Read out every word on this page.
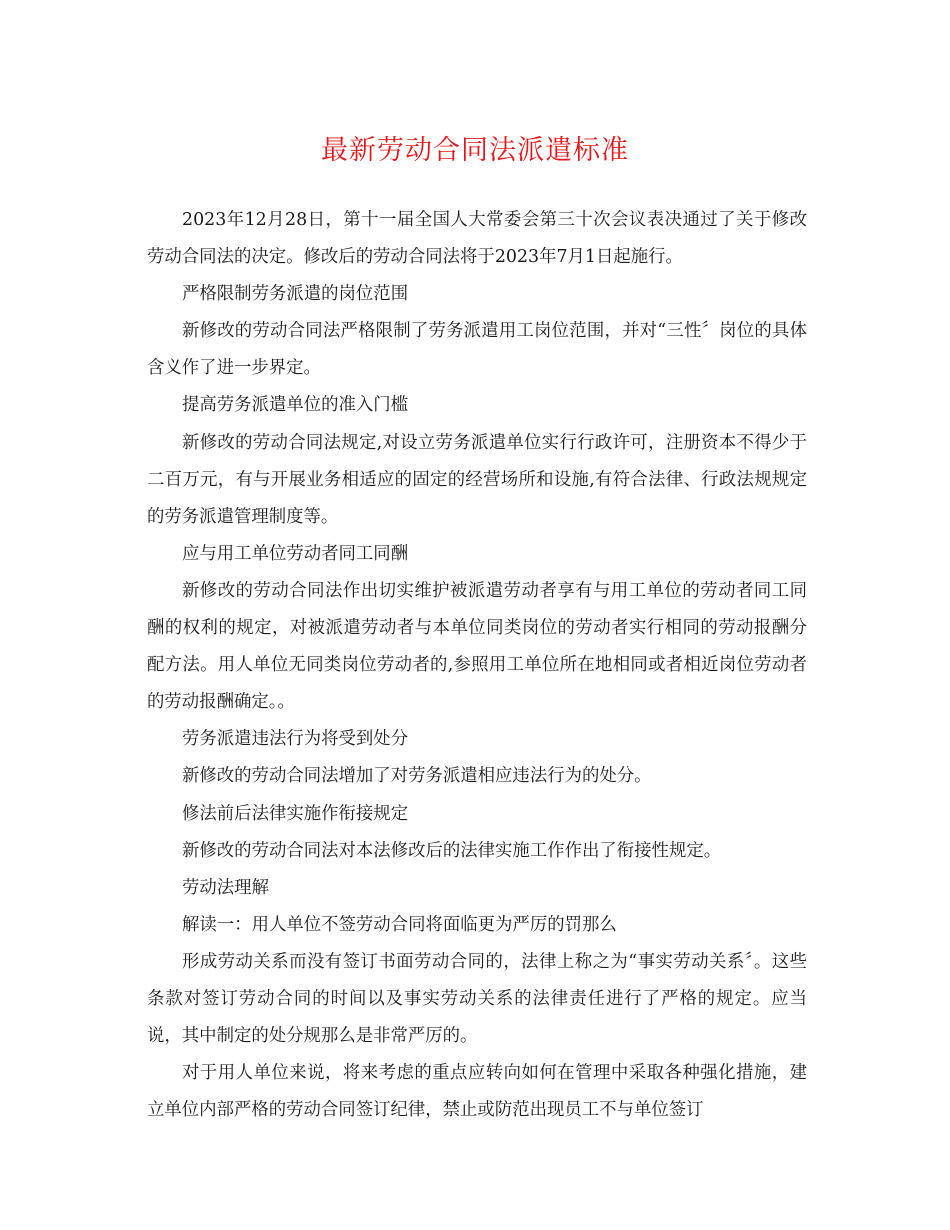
最新劳动合同法派遣标准

2023年12月28日，第十一届全国人大常委会第三十次会议表决通过了关于修改劳动合同法的决定。修改后的劳动合同法将于2023年7月1日起施行。

严格限制劳务派遣的岗位范围

新修改的劳动合同法严格限制了劳务派遣用工岗位范围，并对“三性〞岗位的具体含义作了进一步界定。

提高劳务派遣单位的准入门槛

新修改的劳动合同法规定,对设立劳务派遣单位实行行政许可，注册资本不得少于二百万元，有与开展业务相适应的固定的经营场所和设施,有符合法律、行政法规规定的劳务派遣管理制度等。

应与用工单位劳动者同工同酬

新修改的劳动合同法作出切实维护被派遣劳动者享有与用工单位的劳动者同工同酬的权利的规定，对被派遣劳动者与本单位同类岗位的劳动者实行相同的劳动报酬分配方法。用人单位无同类岗位劳动者的,参照用工单位所在地相同或者相近岗位劳动者的劳动报酬确定。。

劳务派遣违法行为将受到处分

新修改的劳动合同法增加了对劳务派遣相应违法行为的处分。

修法前后法律实施作衔接规定

新修改的劳动合同法对本法修改后的法律实施工作作出了衔接性规定。

劳动法理解

解读一：用人单位不签劳动合同将面临更为严厉的罚那么

形成劳动关系而没有签订书面劳动合同的，法律上称之为“事实劳动关系〞。这些条款对签订劳动合同的时间以及事实劳动关系的法律责任进行了严格的规定。应当说，其中制定的处分规那么是非常严厉的。

对于用人单位来说，将来考虑的重点应转向如何在管理中采取各种强化措施，建立单位内部严格的劳动合同签订纪律，禁止或防范出现员工不与单位签订
